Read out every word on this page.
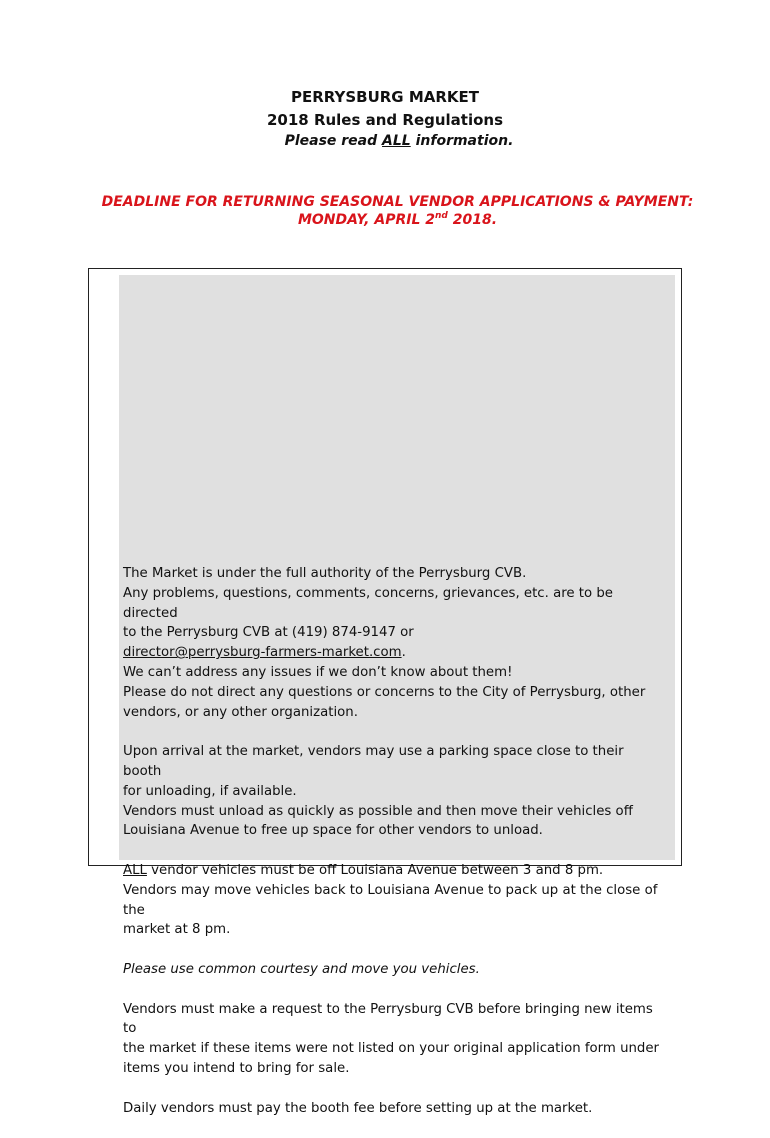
PERRYSBURG MARKET
2018 Rules and Regulations
Please read ALL information.
DEADLINE FOR RETURNING SEASONAL VENDOR APPLICATIONS & PAYMENT:
MONDAY, APRIL 2nd 2018.

The Market is under the full authority of the Perrysburg CVB.
Any problems, questions, comments, concerns, grievances, etc. are to be directed
to the Perrysburg CVB at (419) 874-9147 or
director@perrysburg-farmers-market.com.
We can’t address any issues if we don’t know about them!
Please do not direct any questions or concerns to the City of Perrysburg, other
vendors, or any other organization.

Upon arrival at the market, vendors may use a parking space close to their booth
for unloading, if available.
Vendors must unload as quickly as possible and then move their vehicles off
Louisiana Avenue to free up space for other vendors to unload.

ALL vendor vehicles must be off Louisiana Avenue between 3 and 8 pm.
Vendors may move vehicles back to Louisiana Avenue to pack up at the close of the
market at 8 pm.

Please use common courtesy and move you vehicles.

Vendors must make a request to the Perrysburg CVB before bringing new items to
the market if these items were not listed on your original application form under
items you intend to bring for sale.

Daily vendors must pay the booth fee before setting up at the market.
